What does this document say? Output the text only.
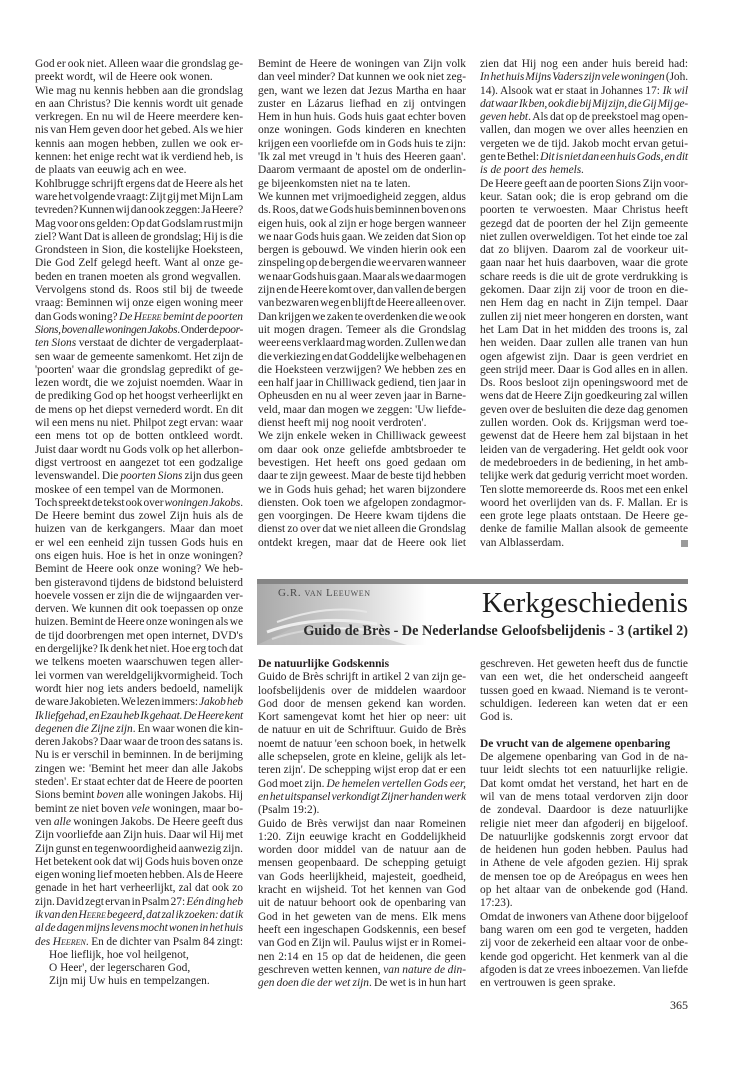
God er ook niet. Alleen waar die grondslag ge-
preekt wordt, wil de Heere ook wonen.
Wie mag nu kennis hebben aan die grondslag
en aan Christus? Die kennis wordt uit genade
verkregen. En nu wil de Heere meerdere ken-
nis van Hem geven door het gebed. Als we hier
kennis aan mogen hebben, zullen we ook er-
kennen: het enige recht wat ik verdiend heb, is
de plaats van eeuwig ach en wee.
Kohlbrugge schrijft ergens dat de Heere als het
ware het volgende vraagt: Zijt gij met Mijn Lam
tevreden? Kunnen wij dan ook zeggen: Ja Heere?
Mag voor ons gelden: Op dat Godslam rust mijn
ziel? Want Dat is alleen de grondslag; Hij is die
Grondsteen in Sion, die kostelijke Hoeksteen,
Die God Zelf gelegd heeft. Want al onze ge-
beden en tranen moeten als grond wegvallen.
Vervolgens stond ds. Roos stil bij de tweede
vraag: Beminnen wij onze eigen woning meer
dan Gods woning? De Heere bemint de poorten
Sions, boven alle woningen Jakobs. Onder de poor-
ten Sions verstaat de dichter de vergaderplaat-
sen waar de gemeente samenkomt. Het zijn de
'poorten' waar die grondslag gepredikt of ge-
lezen wordt, die we zojuist noemden. Waar in
de prediking God op het hoogst verheerlijkt en
de mens op het diepst vernederd wordt. En dit
wil een mens nu niet. Philpot zegt ervan: waar
een mens tot op de botten ontkleed wordt.
Juist daar wordt nu Gods volk op het allerbon-
digst vertroost en aangezet tot een godzalige
levenswandel. Die poorten Sions zijn dus geen
moskee of een tempel van de Mormonen.
Toch spreekt de tekst ook over woningen Jakobs.
De Heere bemint dus zowel Zijn huis als de
huizen van de kerkgangers. Maar dan moet
er wel een eenheid zijn tussen Gods huis en
ons eigen huis. Hoe is het in onze woningen?
Bemint de Heere ook onze woning? We heb-
ben gisteravond tijdens de bidstond beluisterd
hoevele vossen er zijn die de wijngaarden ver-
derven. We kunnen dit ook toepassen op onze
huizen. Bemint de Heere onze woningen als we
de tijd doorbrengen met open internet, DVD's
en dergelijke? Ik denk het niet. Hoe erg toch dat
we telkens moeten waarschuwen tegen aller-
lei vormen van wereldgelijkvormigheid. Toch
wordt hier nog iets anders bedoeld, namelijk
de ware Jakobieten. We lezen immers: Jakob heb
Ik liefgehad, en Ezau heb Ik gehaat. De Heere kent
degenen die Zijne zijn. En waar wonen die kin-
deren Jakobs? Daar waar de troon des satans is.
Nu is er verschil in beminnen. In de berijming
zingen we: 'Bemint het meer dan alle Jakobs
steden'. Er staat echter dat de Heere de poorten
Sions bemint boven alle woningen Jakobs. Hij
bemint ze niet boven vele woningen, maar bo-
ven alle woningen Jakobs. De Heere geeft dus
Zijn voorliefde aan Zijn huis. Daar wil Hij met
Zijn gunst en tegenwoordigheid aanwezig zijn.
Het betekent ook dat wij Gods huis boven onze
eigen woning lief moeten hebben. Als de Heere
genade in het hart verheerlijkt, zal dat ook zo
zijn. David zegt ervan in Psalm 27: Eén ding heb
ik van den Heere begeerd, dat zal ik zoeken: dat ik
al de dagen mijns levens mocht wonen in het huis
des Heeren. En de dichter van Psalm 84 zingt:
Hoe lieflijk, hoe vol heilgenot,
O Heer', der legerscharen God,
Zijn mij Uw huis en tempelzangen.
Bemint de Heere de woningen van Zijn volk
dan veel minder? Dat kunnen we ook niet zeg-
gen, want we lezen dat Jezus Martha en haar
zuster en Lázarus liefhad en zij ontvingen
Hem in hun huis. Gods huis gaat echter boven
onze woningen. Gods kinderen en knechten
krijgen een voorliefde om in Gods huis te zijn:
'Ik zal met vreugd in 't huis des Heeren gaan'.
Daarom vermaant de apostel om de onderlin-
ge bijeenkomsten niet na te laten.
We kunnen met vrijmoedigheid zeggen, aldus
ds. Roos, dat we Gods huis beminnen boven ons
eigen huis, ook al zijn er hoge bergen wanneer
we naar Gods huis gaan. We zeiden dat Sion op
bergen is gebouwd. We vinden hierin ook een
zinspeling op de bergen die we ervaren wanneer
we naar Gods huis gaan. Maar als we daar mogen
zijn en de Heere komt over, dan vallen de bergen
van bezwaren weg en blijft de Heere alleen over.
Dan krijgen we zaken te overdenken die we ook
uit mogen dragen. Temeer als die Grondslag
weer eens verklaard mag worden. Zullen we dan
die verkiezing en dat Goddelijke welbehagen en
die Hoeksteen verzwijgen? We hebben zes en
een half jaar in Chilliwack gediend, tien jaar in
Opheusden en nu al weer zeven jaar in Barne-
veld, maar dan mogen we zeggen: 'Uw liefde-
dienst heeft mij nog nooit verdroten'.
We zijn enkele weken in Chilliwack geweest
om daar ook onze geliefde ambtsbroeder te
bevestigen. Het heeft ons goed gedaan om
daar te zijn geweest. Maar de beste tijd hebben
we in Gods huis gehad; het waren bijzondere
diensten. Ook toen we afgelopen zondagmor-
gen voorgingen. De Heere kwam tijdens die
dienst zo over dat we niet alleen die Grondslag
ontdekt kregen, maar dat de Heere ook liet
zien dat Hij nog een ander huis bereid had:
In het huis Mijns Vaders zijn vele woningen (Joh.
14). Alsook wat er staat in Johannes 17: Ik wil
dat waar Ik ben, ook die bij Mij zijn, die Gij Mij ge-
geven hebt. Als dat op de preekstoel mag open-
vallen, dan mogen we over alles heenzien en
vergeten we de tijd. Jakob mocht ervan getui-
gen te Bethel: Dit is niet dan een huis Gods, en dit
is de poort des hemels.
De Heere geeft aan de poorten Sions Zijn voor-
keur. Satan ook; die is erop gebrand om die
poorten te verwoesten. Maar Christus heeft
gezegd dat de poorten der hel Zijn gemeente
niet zullen overweldigen. Tot het einde toe zal
dat zo blijven. Daarom zal de voorkeur uit-
gaan naar het huis daarboven, waar die grote
schare reeds is die uit de grote verdrukking is
gekomen. Daar zijn zij voor de troon en die-
nen Hem dag en nacht in Zijn tempel. Daar
zullen zij niet meer hongeren en dorsten, want
het Lam Dat in het midden des troons is, zal
hen weiden. Daar zullen alle tranen van hun
ogen afgewist zijn. Daar is geen verdriet en
geen strijd meer. Daar is God alles en in allen.
Ds. Roos besloot zijn openingswoord met de
wens dat de Heere Zijn goedkeuring zal willen
geven over de besluiten die deze dag genomen
zullen worden. Ook ds. Krijgsman werd toe-
gewenst dat de Heere hem zal bijstaan in het
leiden van de vergadering. Het geldt ook voor
de medebroeders in de bediening, in het amb-
telijke werk dat gedurig verricht moet worden.
Ten slotte memoreerde ds. Roos met een enkel
woord het overlijden van ds. F. Mallan. Er is
een grote lege plaats ontstaan. De Heere ge-
denke de familie Mallan alsook de gemeente
van Alblasserdam.
G.R. van Leeuwen	Kerkgeschiedenis
Guido de Brès - De Nederlandse Geloofsbelijdenis - 3 (artikel 2)
De natuurlijke Godskennis
Guido de Brès schrijft in artikel 2 van zijn ge-
loofsbelijdenis over de middelen waardoor
God door de mensen gekend kan worden.
Kort samengevat komt het hier op neer: uit
de natuur en uit de Schriftuur. Guido de Brès
noemt de natuur 'een schoon boek, in hetwelk
alle schepselen, grote en kleine, gelijk als let-
teren zijn'. De schepping wijst erop dat er een
God moet zijn. De hemelen vertellen Gods eer,
en het uitspansel verkondigt Zijner handen werk
(Psalm 19:2).
Guido de Brès verwijst dan naar Romeinen
1:20. Zijn eeuwige kracht en Goddelijkheid
worden door middel van de natuur aan de
mensen geopenbaard. De schepping getuigt
van Gods heerlijkheid, majesteit, goedheid,
kracht en wijsheid. Tot het kennen van God
uit de natuur behoort ook de openbaring van
God in het geweten van de mens. Elk mens
heeft een ingeschapen Godskennis, een besef
van God en Zijn wil. Paulus wijst er in Romei-
nen 2:14 en 15 op dat de heidenen, die geen
geschreven wetten kennen, van nature de din-
gen doen die der wet zijn. De wet is in hun hart
geschreven. Het geweten heeft dus de functie
van een wet, die het onderscheid aangeeft
tussen goed en kwaad. Niemand is te veront-
schuldigen. Iedereen kan weten dat er een
God is.
De vrucht van de algemene openbaring
De algemene openbaring van God in de na-
tuur leidt slechts tot een natuurlijke religie.
Dat komt omdat het verstand, het hart en de
wil van de mens totaal verdorven zijn door
de zondeval. Daardoor is deze natuurlijke
religie niet meer dan afgoderij en bijgeloof.
De natuurlijke godskennis zorgt ervoor dat
de heidenen hun goden hebben. Paulus had
in Athene de vele afgoden gezien. Hij sprak
de mensen toe op de Areópagus en wees hen
op het altaar van de onbekende god (Hand.
17:23).
Omdat de inwoners van Athene door bijgeloof
bang waren om een god te vergeten, hadden
zij voor de zekerheid een altaar voor de onbe-
kende god opgericht. Het kenmerk van al die
afgoden is dat ze vrees inboezemen. Van liefde
en vertrouwen is geen sprake.
365
